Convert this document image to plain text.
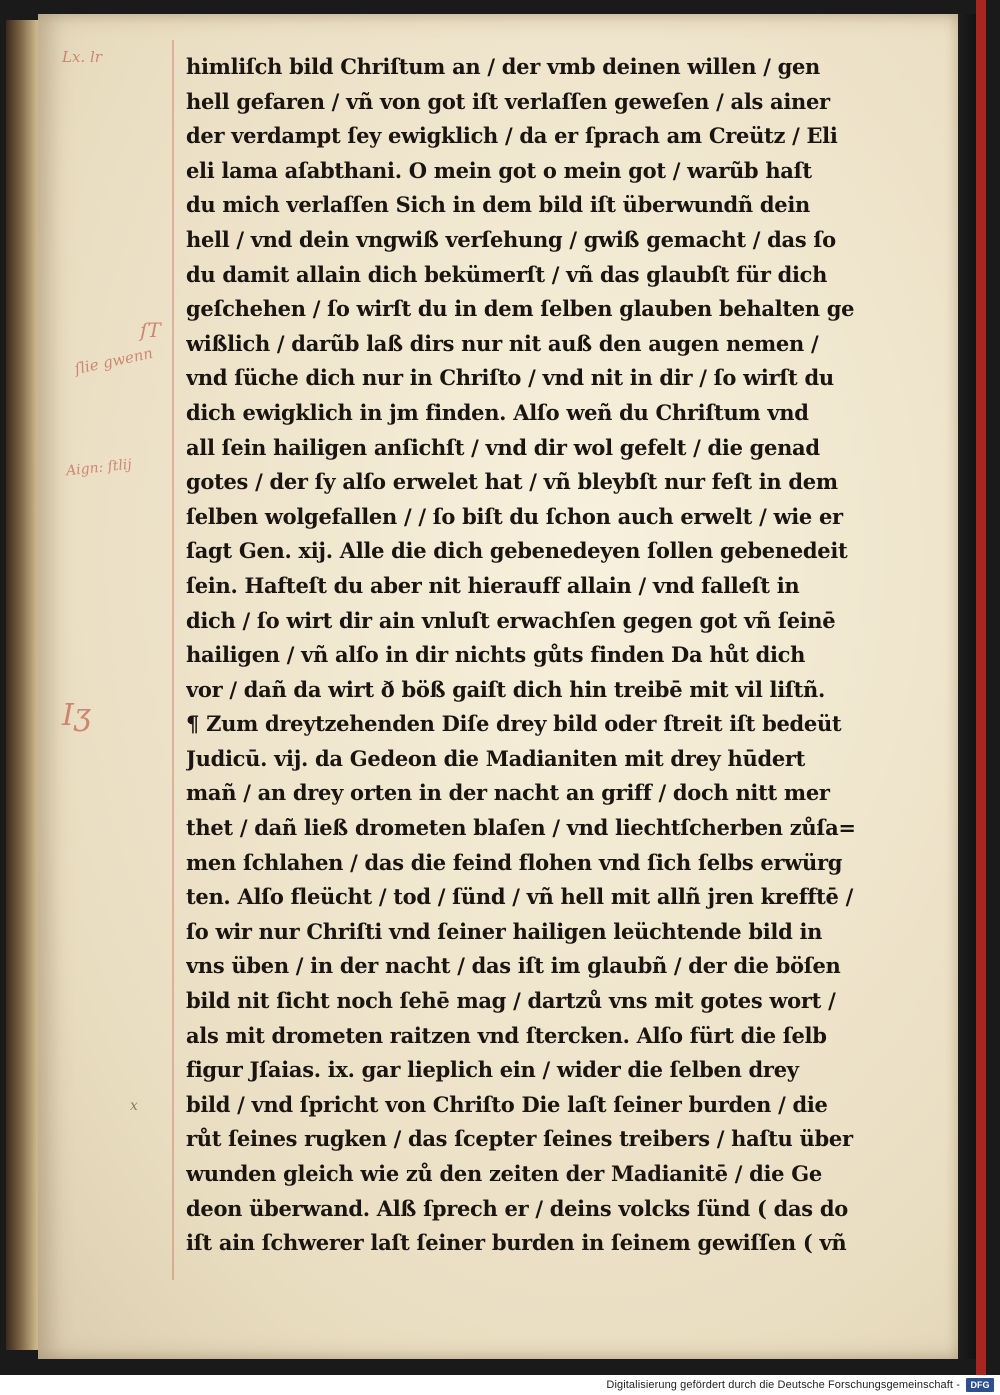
Lx. lr
ſT
ſlie gwenn
Aign: ſtlij
Iʒ
x
himliſch bild Chriſtum an / der vmb deinen willen / gen
hell gefaren / vñ von got iſt verlaſſen geweſen / als ainer
der verdampt ſey ewigklich / da er ſprach am Creütz / Eli
eli lama aſabthani. O mein got o mein got / warũb haſt
du mich verlaſſen Sich in dem bild iſt überwundñ dein
hell / vnd dein vngwiß verſehung / gwiß gemacht / das ſo
du damit allain dich bekümerſt / vñ das glaubſt für dich
geſchehen / ſo wirſt du in dem ſelben glauben behalten ge
wißlich / darũb laß dirs nur nit auß den augen nemen /
vnd ſüche dich nur in Chriſto / vnd nit in dir / ſo wirſt du
dich ewigklich in jm finden. Alſo weñ du Chriſtum vnd
all ſein hailigen anſichſt / vnd dir wol gefelt / die genad
gotes / der ſy alſo erwelet hat / vñ bleybſt nur feſt in dem
ſelben wolgefallen / / ſo biſt du ſchon auch erwelt / wie er
ſagt Gen. xij. Alle die dich gebenedeyen ſollen gebenedeit
ſein. Hafteſt du aber nit hierauff allain / vnd falleſt in
dich / ſo wirt dir ain vnluſt erwachſen gegen got vñ ſeinē
hailigen / vñ alſo in dir nichts gůts finden Da hůt dich
vor / dañ da wirt ð böß gaiſt dich hin treibē mit vil liſtñ.
¶ Zum dreytzehenden Diſe drey bild oder ſtreit iſt bedeüt
Judicū. vij. da Gedeon die Madianiten mit drey hūdert
mañ / an drey orten in der nacht an griff / doch nitt mer
thet / dañ ließ drometen blaſen / vnd liechtſcherben zůſa=
men ſchlahen / das die feind flohen vnd ſich ſelbs erwürg
ten. Alſo fleücht / tod / ſünd / vñ hell mit allñ jren krefftē /
ſo wir nur Chriſti vnd ſeiner hailigen leüchtende bild in
vns üben / in der nacht / das iſt im glaubñ / der die böſen
bild nit ſicht noch ſehē mag / dartzů vns mit gotes wort /
als mit drometen raitzen vnd ſtercken. Alſo fürt die ſelb
figur Jſaias. ix. gar lieplich ein / wider die ſelben drey
bild / vnd ſpricht von Chriſto Die laſt ſeiner burden / die
růt ſeines rugken / das ſcepter ſeines treibers / haſtu über
wunden gleich wie zů den zeiten der Madianitē / die Ge
deon überwand. Alß ſprech er / deins volcks ſünd ( das do
iſt ain ſchwerer laſt ſeiner burden in ſeinem gewiſſen ( vñ
Digitalisierung gefördert durch die Deutsche Forschungsgemeinschaft -	DFG
